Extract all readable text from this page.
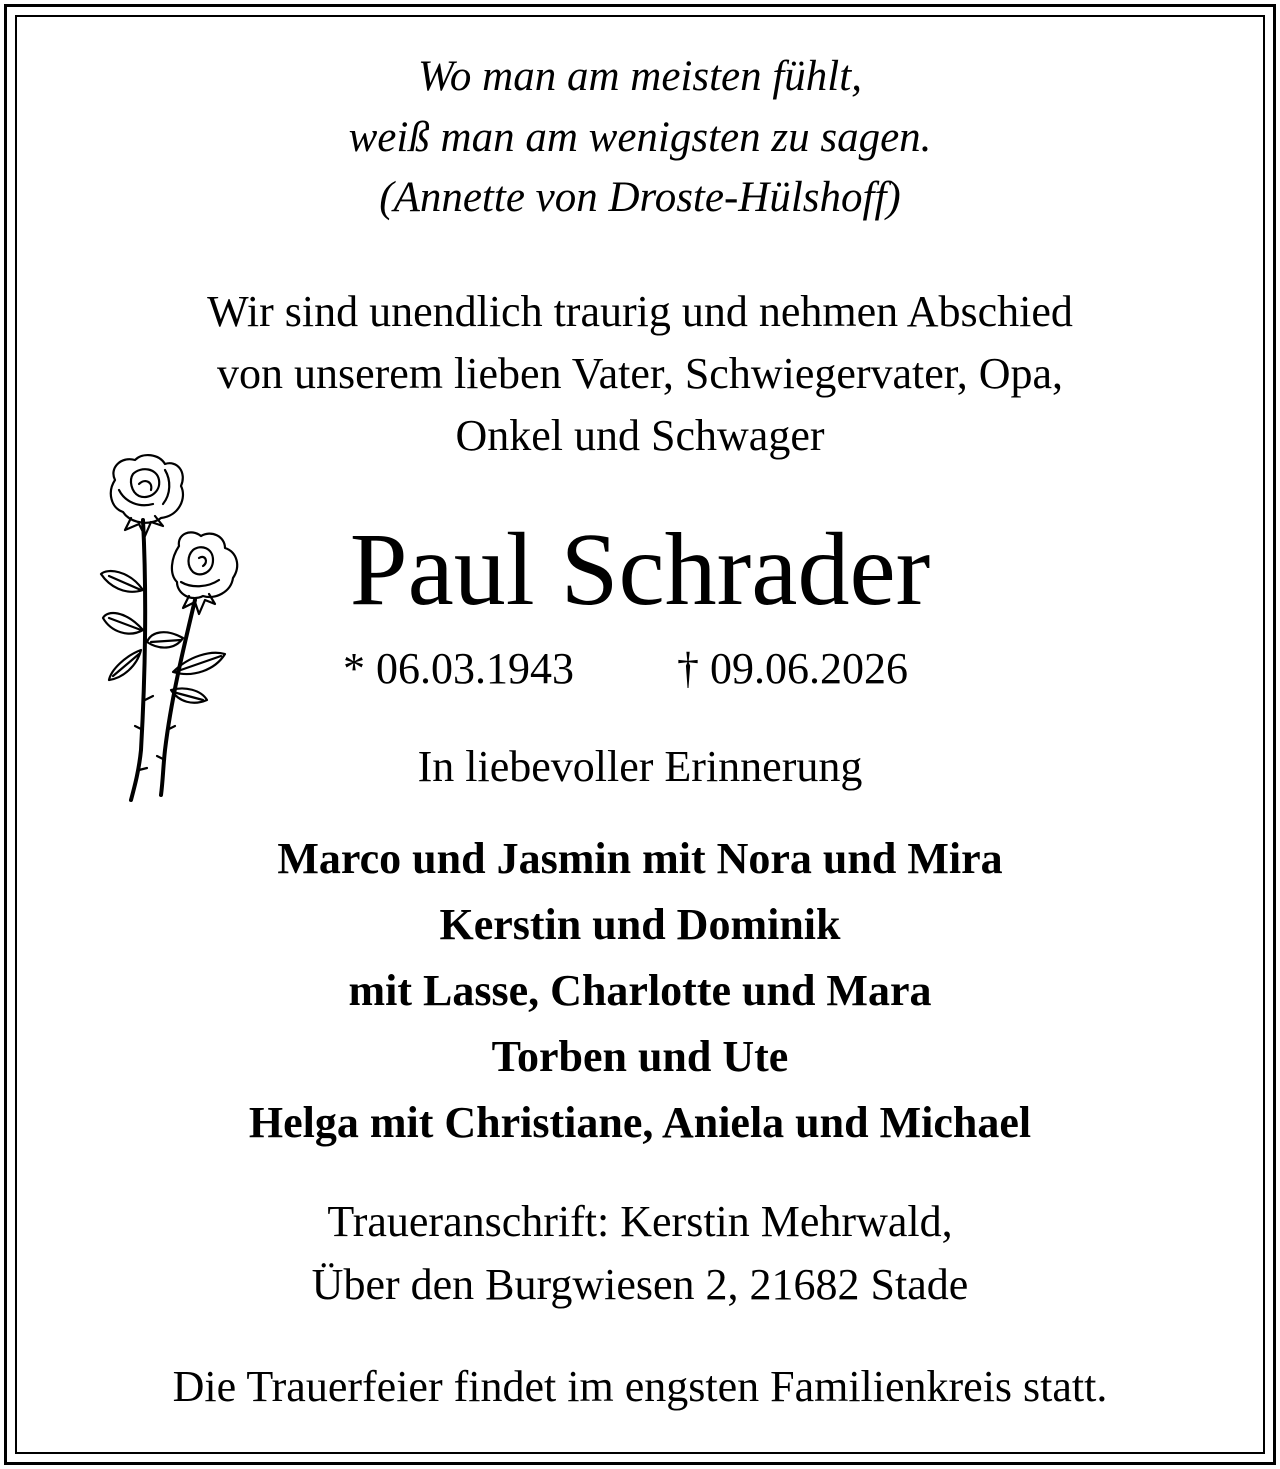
Wo man am meisten fühlt,
weiß man am wenigsten zu sagen.
(Annette von Droste-Hülshoff)
Wir sind unendlich traurig und nehmen Abschied
von unserem lieben Vater, Schwiegervater, Opa,
Onkel und Schwager
Paul Schrader
* 06.03.1943 † 09.06.2026
In liebevoller Erinnerung
Marco und Jasmin mit Nora und Mira
Kerstin und Dominik
mit Lasse, Charlotte und Mara
Torben und Ute
Helga mit Christiane, Aniela und Michael
Traueranschrift: Kerstin Mehrwald,
Über den Burgwiesen 2, 21682 Stade
Die Trauerfeier findet im engsten Familienkreis statt.
